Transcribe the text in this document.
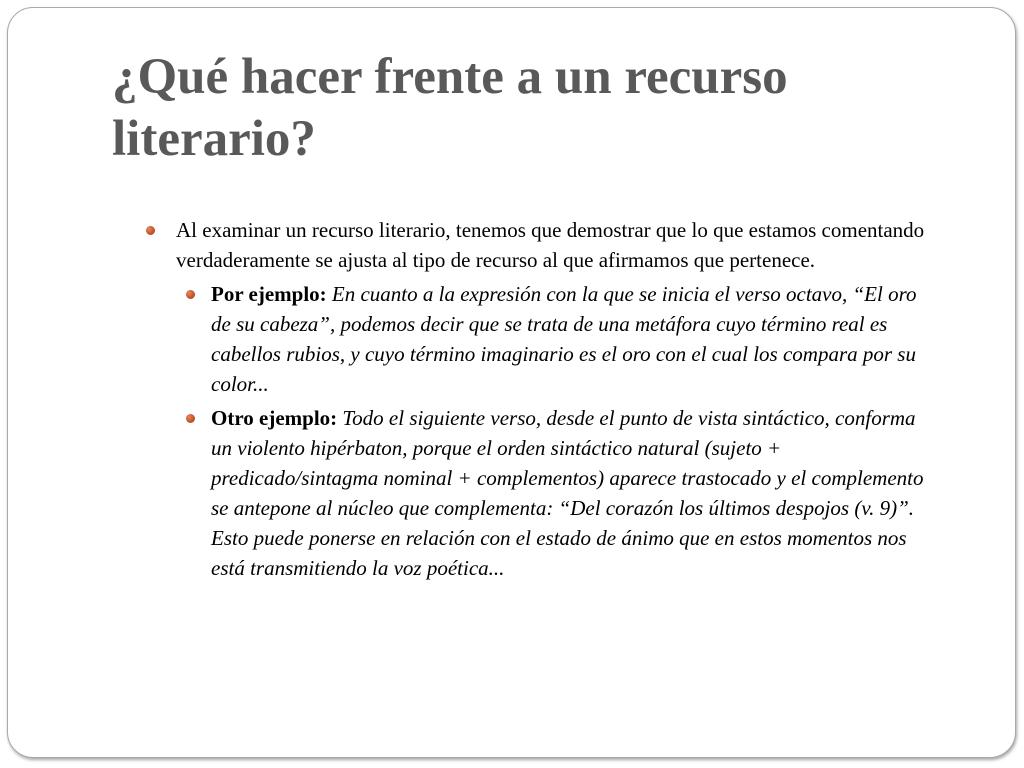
¿Qué hacer frente a un recurso literario?

Al examinar un recurso literario, tenemos que demostrar que lo que estamos comentando verdaderamente se ajusta al tipo de recurso al que afirmamos que pertenece.

Por ejemplo: En cuanto a la expresión con la que se inicia el verso octavo, “El oro de su cabeza”, podemos decir que se trata de una metáfora cuyo término real es cabellos rubios, y cuyo término imaginario es el oro con el cual los compara por su color...
Otro ejemplo: Todo el siguiente verso, desde el punto de vista sintáctico, conforma un violento hipérbaton, porque el orden sintáctico natural (sujeto + predicado/sintagma nominal + complementos) aparece trastocado y el complemento se antepone al núcleo que complementa: “Del corazón los últimos despojos (v. 9)”. Esto puede ponerse en relación con el estado de ánimo que en estos momentos nos está transmitiendo la voz poética...
